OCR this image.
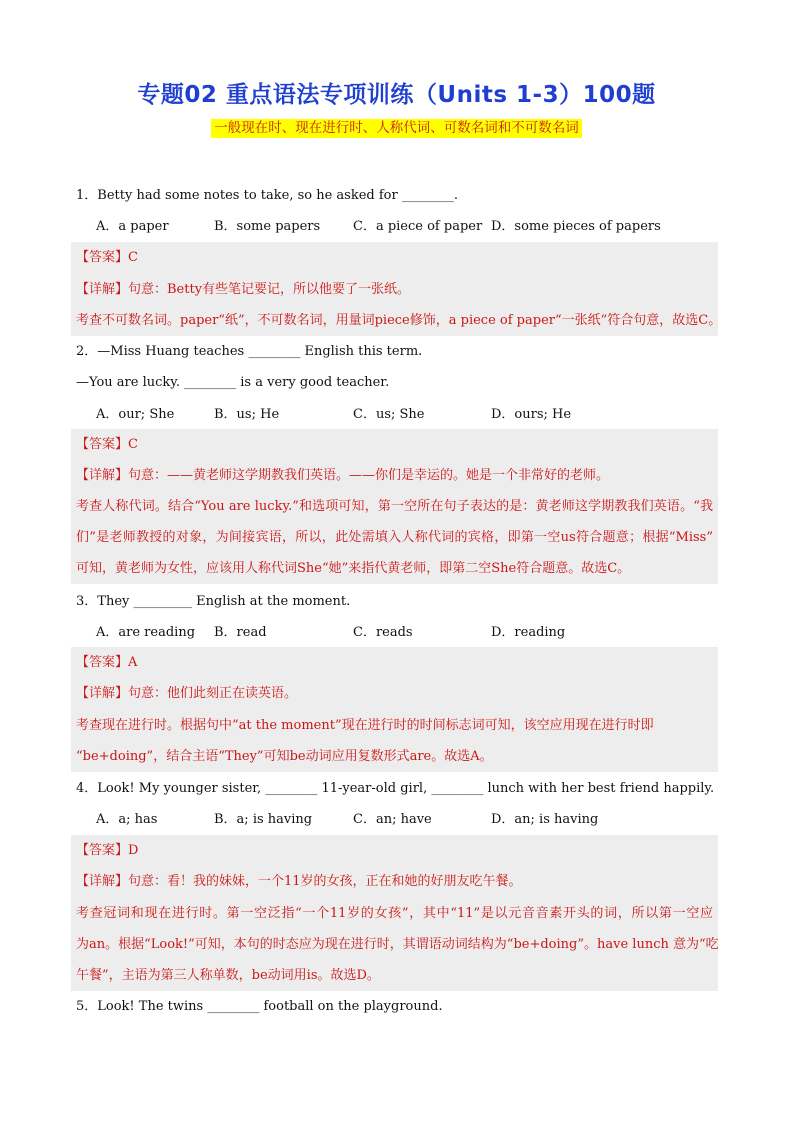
专题02 重点语法专项训练（Units 1-3）100题
一般现在时、现在进行时、人称代词、可数名词和不可数名词
1．Betty had some notes to take, so he asked for ________.
A．a paper	B．some papers	C．a piece of paper D．some pieces of papers
【答案】C
【详解】句意：Betty有些笔记要记，所以他要了一张纸。
考查不可数名词。paper“纸”，不可数名词，用量词piece修饰，a piece of paper“一张纸”符合句意，故选C。
2．—Miss Huang teaches ________ English this term.
—You are lucky. ________ is a very good teacher.
A．our; She	B．us; He	C．us; She	D．ours; He
【答案】C
【详解】句意：——黄老师这学期教我们英语。——你们是幸运的。她是一个非常好的老师。
考查人称代词。结合“You are lucky.”和选项可知，第一空所在句子表达的是：黄老师这学期教我们英语。“我
们”是老师教授的对象，为间接宾语，所以，此处需填入人称代词的宾格，即第一空us符合题意；根据“Miss”
可知，黄老师为女性，应该用人称代词She“她”来指代黄老师，即第二空She符合题意。故选C。
3．They _________ English at the moment.
A．are reading B．read	C．reads	D．reading
【答案】A
【详解】句意：他们此刻正在读英语。
考查现在进行时。根据句中“at the moment”现在进行时的时间标志词可知，该空应用现在进行时即
“be+doing”，结合主语“They”可知be动词应用复数形式are。故选A。
4．Look! My younger sister, ________ 11-year-old girl, ________ lunch with her best friend happily.
A．a; has	B．a; is having	C．an; have	D．an; is having
【答案】D
【详解】句意：看！我的妹妹，一个11岁的女孩，正在和她的好朋友吃午餐。
考查冠词和现在进行时。第一空泛指“一个11岁的女孩”，其中“11”是以元音音素开头的词，所以第一空应
为an。根据“Look!”可知，本句的时态应为现在进行时，其谓语动词结构为“be+doing”。have lunch 意为“吃
午餐”，主语为第三人称单数，be动词用is。故选D。
5．Look! The twins ________ football on the playground.
